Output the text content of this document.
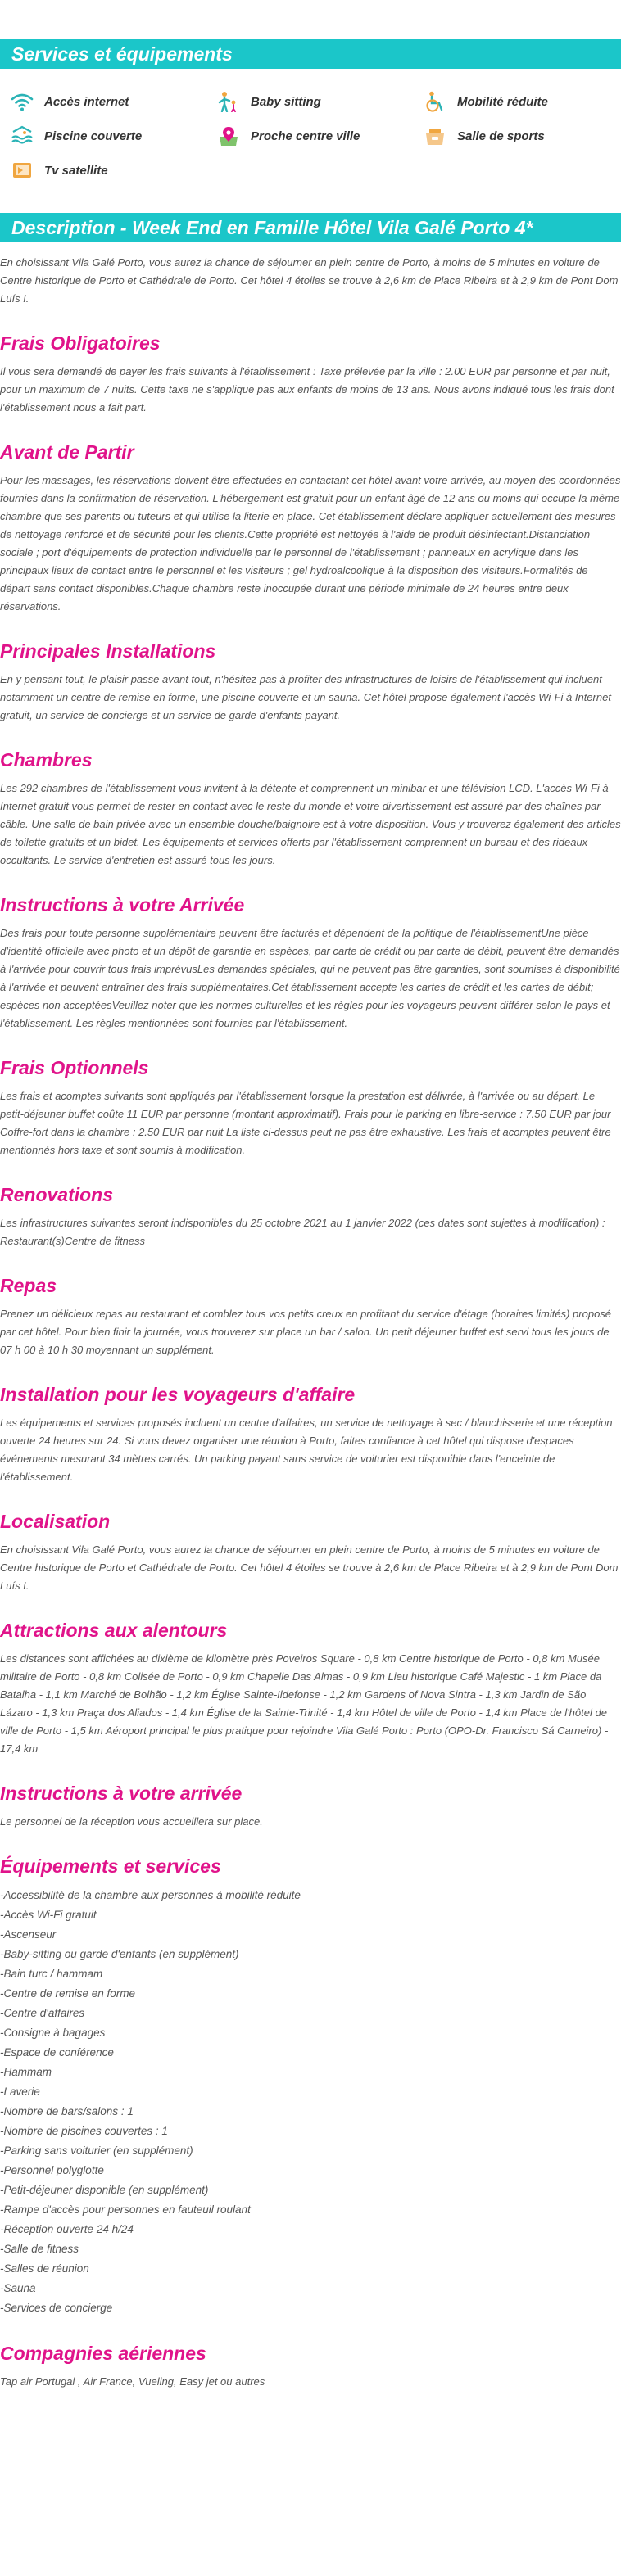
Services et équipements
Accès internet	Baby sitting	Mobilité réduite
Piscine couverte	Proche centre ville	Salle de sports
Tv satellite
Description - Week End en Famille Hôtel Vila Galé Porto 4*

En choisissant Vila Galé Porto, vous aurez la chance de séjourner en plein centre de Porto, à moins de 5 minutes en voiture de Centre historique de Porto et Cathédrale de Porto. Cet hôtel 4 étoiles se trouve à 2,6 km de Place Ribeira et à 2,9 km de Pont Dom Luís I.

Frais Obligatoires

Il vous sera demandé de payer les frais suivants à l'établissement : Taxe prélevée par la ville : 2.00 EUR par personne et par nuit, pour un maximum de 7 nuits. Cette taxe ne s'applique pas aux enfants de moins de 13 ans. Nous avons indiqué tous les frais dont l'établissement nous a fait part.

Avant de Partir

Pour les massages, les réservations doivent être effectuées en contactant cet hôtel avant votre arrivée, au moyen des coordonnées fournies dans la confirmation de réservation. L'hébergement est gratuit pour un enfant âgé de 12 ans ou moins qui occupe la même chambre que ses parents ou tuteurs et qui utilise la literie en place. Cet établissement déclare appliquer actuellement des mesures de nettoyage renforcé et de sécurité pour les clients.Cette propriété est nettoyée à l'aide de produit désinfectant.Distanciation sociale ; port d'équipements de protection individuelle par le personnel de l'établissement ; panneaux en acrylique dans les principaux lieux de contact entre le personnel et les visiteurs ; gel hydroalcoolique à la disposition des visiteurs.Formalités de départ sans contact disponibles.Chaque chambre reste inoccupée durant une période minimale de 24 heures entre deux réservations.

Principales Installations

En y pensant tout, le plaisir passe avant tout, n'hésitez pas à profiter des infrastructures de loisirs de l'établissement qui incluent notamment un centre de remise en forme, une piscine couverte et un sauna. Cet hôtel propose également l'accès Wi-Fi à Internet gratuit, un service de concierge et un service de garde d'enfants payant.

Chambres

Les 292 chambres de l'établissement vous invitent à la détente et comprennent un minibar et une télévision LCD. L'accès Wi-Fi à Internet gratuit vous permet de rester en contact avec le reste du monde et votre divertissement est assuré par des chaînes par câble. Une salle de bain privée avec un ensemble douche/baignoire est à votre disposition. Vous y trouverez également des articles de toilette gratuits et un bidet. Les équipements et services offerts par l'établissement comprennent un bureau et des rideaux occultants. Le service d'entretien est assuré tous les jours.

Instructions à votre Arrivée

Des frais pour toute personne supplémentaire peuvent être facturés et dépendent de la politique de l'établissementUne pièce d'identité officielle avec photo et un dépôt de garantie en espèces, par carte de crédit ou par carte de débit, peuvent être demandés à l'arrivée pour couvrir tous frais imprévusLes demandes spéciales, qui ne peuvent pas être garanties, sont soumises à disponibilité à l'arrivée et peuvent entraîner des frais supplémentaires.Cet établissement accepte les cartes de crédit et les cartes de débit; espèces non acceptéesVeuillez noter que les normes culturelles et les règles pour les voyageurs peuvent différer selon le pays et l'établissement. Les règles mentionnées sont fournies par l'établissement.

Frais Optionnels

Les frais et acomptes suivants sont appliqués par l'établissement lorsque la prestation est délivrée, à l'arrivée ou au départ. Le petit-déjeuner buffet coûte 11 EUR par personne (montant approximatif). Frais pour le parking en libre-service : 7.50 EUR par jour Coffre-fort dans la chambre : 2.50 EUR par nuit La liste ci-dessus peut ne pas être exhaustive. Les frais et acomptes peuvent être mentionnés hors taxe et sont soumis à modification.

Renovations

Les infrastructures suivantes seront indisponibles du 25 octobre 2021 au 1 janvier 2022 (ces dates sont sujettes à modification) : Restaurant(s)Centre de fitness

Repas

Prenez un délicieux repas au restaurant et comblez tous vos petits creux en profitant du service d'étage (horaires limités) proposé par cet hôtel. Pour bien finir la journée, vous trouverez sur place un bar / salon. Un petit déjeuner buffet est servi tous les jours de 07 h 00 à 10 h 30 moyennant un supplément.

Installation pour les voyageurs d'affaire

Les équipements et services proposés incluent un centre d'affaires, un service de nettoyage à sec / blanchisserie et une réception ouverte 24 heures sur 24. Si vous devez organiser une réunion à Porto, faites confiance à cet hôtel qui dispose d'espaces événements mesurant 34 mètres carrés. Un parking payant sans service de voiturier est disponible dans l'enceinte de l'établissement.

Localisation

En choisissant Vila Galé Porto, vous aurez la chance de séjourner en plein centre de Porto, à moins de 5 minutes en voiture de Centre historique de Porto et Cathédrale de Porto. Cet hôtel 4 étoiles se trouve à 2,6 km de Place Ribeira et à 2,9 km de Pont Dom Luís I.

Attractions aux alentours

Les distances sont affichées au dixième de kilomètre près Poveiros Square - 0,8 km Centre historique de Porto - 0,8 km Musée militaire de Porto - 0,8 km Colisée de Porto - 0,9 km Chapelle Das Almas - 0,9 km Lieu historique Café Majestic - 1 km Place da Batalha - 1,1 km Marché de Bolhão - 1,2 km Église Sainte-Ildefonse - 1,2 km Gardens of Nova Sintra - 1,3 km Jardin de São Lázaro - 1,3 km Praça dos Aliados - 1,4 km Église de la Sainte-Trinité - 1,4 km Hôtel de ville de Porto - 1,4 km Place de l'hôtel de ville de Porto - 1,5 km Aéroport principal le plus pratique pour rejoindre Vila Galé Porto : Porto (OPO-Dr. Francisco Sá Carneiro) - 17,4 km

Instructions à votre arrivée

Le personnel de la réception vous accueillera sur place.

Équipements et services
-Accessibilité de la chambre aux personnes à mobilité réduite
-Accès Wi-Fi gratuit
-Ascenseur
-Baby-sitting ou garde d'enfants (en supplément)
-Bain turc / hammam
-Centre de remise en forme
-Centre d'affaires
-Consigne à bagages
-Espace de conférence
-Hammam
-Laverie
-Nombre de bars/salons : 1
-Nombre de piscines couvertes : 1
-Parking sans voiturier (en supplément)
-Personnel polyglotte
-Petit-déjeuner disponible (en supplément)
-Rampe d'accès pour personnes en fauteuil roulant
-Réception ouverte 24 h/24
-Salle de fitness
-Salles de réunion
-Sauna
-Services de concierge
Compagnies aériennes

Tap air Portugal , Air France, Vueling, Easy jet ou autres
